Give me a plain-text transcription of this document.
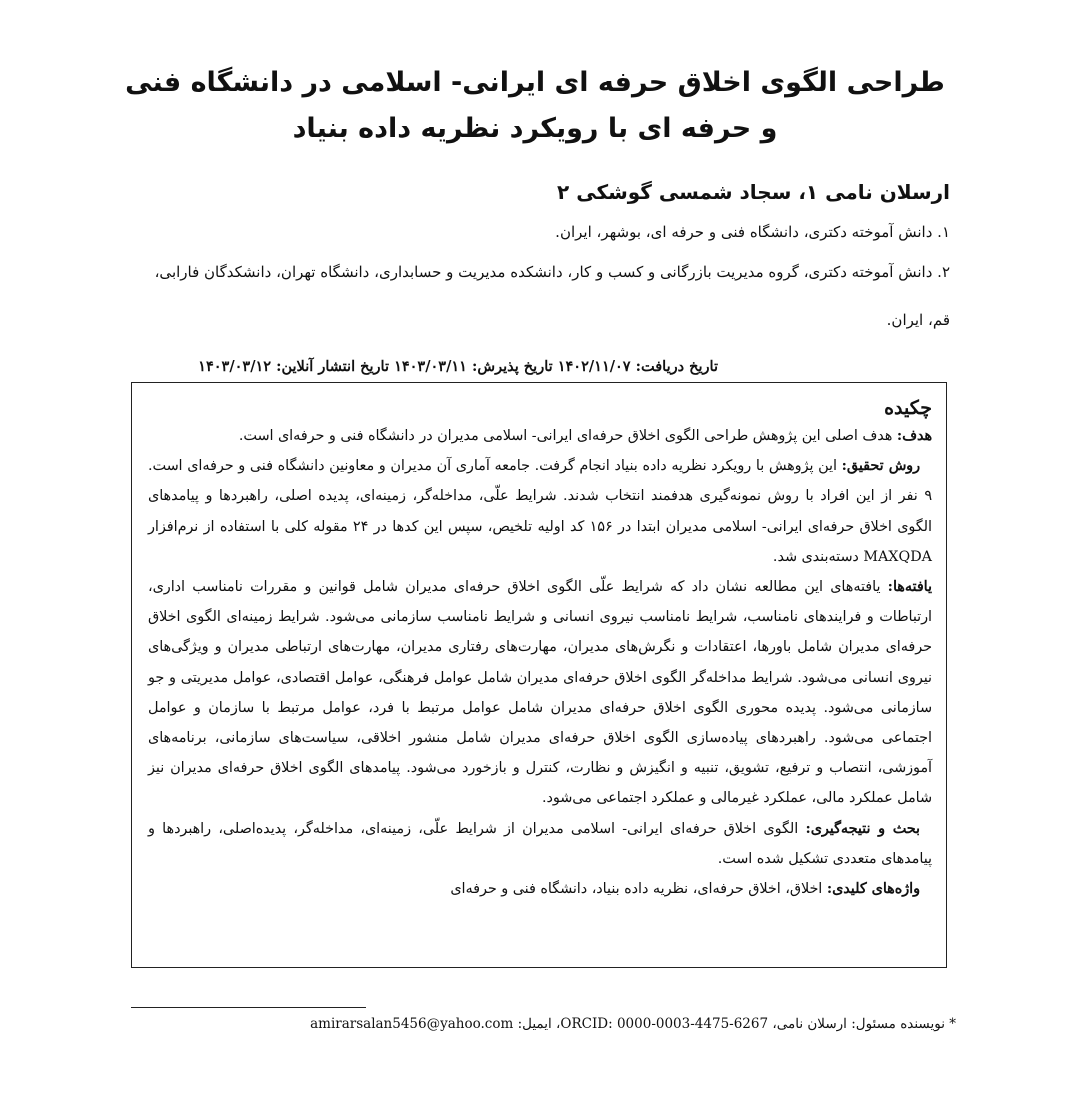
طراحی الگوی اخلاق حرفه ای ایرانی- اسلامی در دانشگاه فنی و حرفه ای با رویکرد نظریه داده بنیاد
ارسلان نامی ۱، سجاد شمسی گوشکی ۲
۱. دانش آموخته دکتری، دانشگاه فنی و حرفه ای، بوشهر، ایران.
۲. دانش آموخته دکتری، گروه مدیریت بازرگانی و کسب و کار، دانشکده مدیریت و حسابداری، دانشگاه تهران، دانشکدگان فارابی، قم، ایران.
تاریخ دریافت: ۱۴۰۲/۱۱/۰۷ تاریخ پذیرش: ۱۴۰۳/۰۳/۱۱ تاریخ انتشار آنلاین: ۱۴۰۳/۰۳/۱۲
چکیده

هدف: هدف اصلی این پژوهش طراحی الگوی اخلاق حرفه‌ای ایرانی- اسلامی مدیران در دانشگاه فنی و حرفه‌ای است.

روش تحقیق: این پژوهش با رویکرد نظریه داده بنیاد انجام گرفت. جامعه آماری آن مدیران و معاونین دانشگاه فنی و حرفه‌ای است. ۹ نفر از این افراد با روش نمونه‌گیری هدفمند انتخاب شدند. شرایط علّی، مداخله‌گر، زمینه‌ای، پدیده اصلی، راهبردها و پیامدهای الگوی اخلاق حرفه‌ای ایرانی- اسلامی مدیران ابتدا در ۱۵۶ کد اولیه تلخیص، سپس این کدها در ۲۴ مقوله کلی با استفاده از نرم‌افزار MAXQDA دسته‌بندی شد.

یافته‌ها: یافته‌های این مطالعه نشان داد که شرایط علّی الگوی اخلاق حرفه‌ای مدیران شامل قوانین و مقررات نامناسب اداری، ارتباطات و فرایندهای نامناسب، شرایط نامناسب نیروی انسانی و شرایط نامناسب سازمانی می‌شود. شرایط زمینه‌ای الگوی اخلاق حرفه‌ای مدیران شامل باورها، اعتقادات و نگرش‌های مدیران، مهارت‌های رفتاری مدیران، مهارت‌های ارتباطی مدیران و ویژگی‌های نیروی انسانی می‌شود. شرایط مداخله‌گر الگوی اخلاق حرفه‌ای مدیران شامل عوامل فرهنگی، عوامل اقتصادی، عوامل مدیریتی و جو سازمانی می‌شود. پدیده محوری الگوی اخلاق حرفه‌ای مدیران شامل عوامل مرتبط با فرد، عوامل مرتبط با سازمان و عوامل اجتماعی می‌شود. راهبردهای پیاده‌سازی الگوی اخلاق حرفه‌ای مدیران شامل منشور اخلاقی، سیاست‌های سازمانی، برنامه‌های آموزشی، انتصاب و ترفیع، تشویق، تنبیه و انگیزش و نظارت، کنترل و بازخورد می‌شود. پیامدهای الگوی اخلاق حرفه‌ای مدیران نیز شامل عملکرد مالی، عملکرد غیرمالی و عملکرد اجتماعی می‌شود.

بحث و نتیجه‌گیری: الگوی اخلاق حرفه‌ای ایرانی- اسلامی مدیران از شرایط علّی، زمینه‌ای، مداخله‌گر، پدیده‌اصلی، راهبردها و پیامدهای متعددی تشکیل شده است.

واژه‌های کلیدی: اخلاق، اخلاق حرفه‌ای، نظریه داده بنیاد، دانشگاه فنی و حرفه‌ای

* نویسنده مسئول: ارسلان نامی، 6267-4475-0003-0000 :ORCID، ایمیل: amirarsalan5456@yahoo.com
